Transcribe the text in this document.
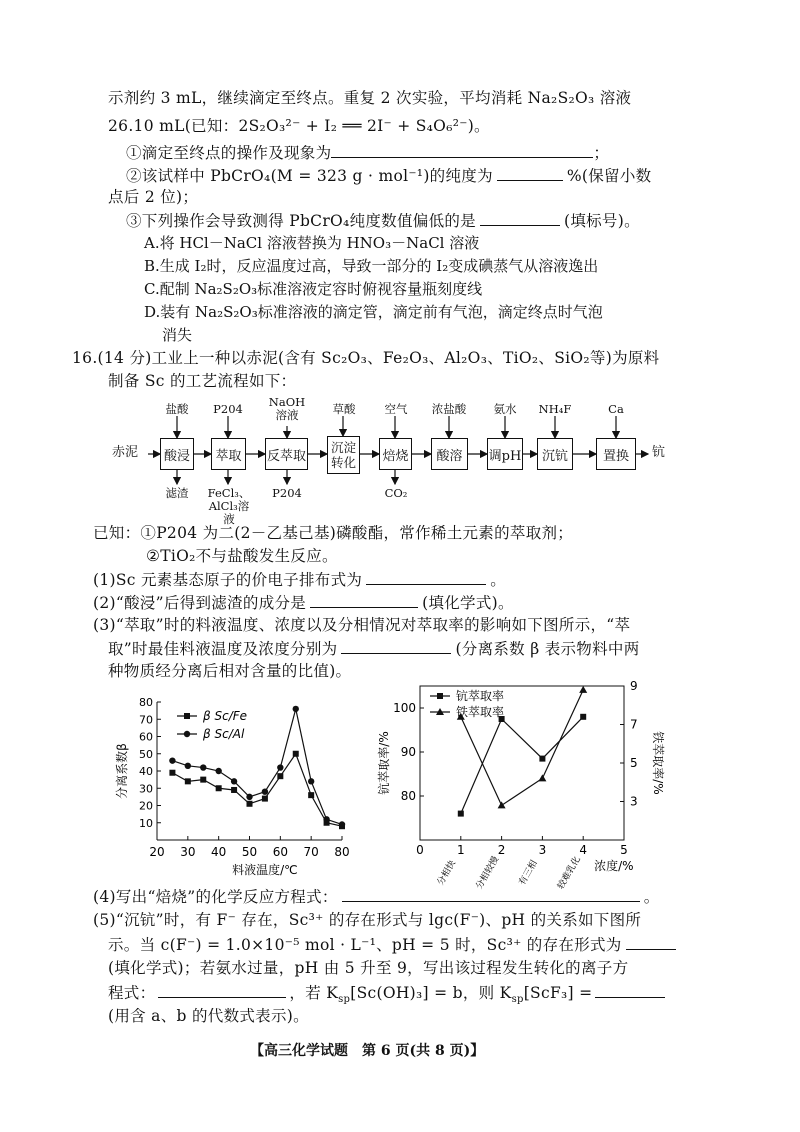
示剂约 3 mL，继续滴定至终点。重复 2 次实验，平均消耗 Na₂S₂O₃ 溶液
26.10 mL(已知：2S₂O₃²⁻ + I₂ ══ 2I⁻ + S₄O₆²⁻)。
①滴定至终点的操作及现象为	；
②该试样中 PbCrO₄(M = 323 g · mol⁻¹)的纯度为	%(保留小数
点后 2 位)；
③下列操作会导致测得 PbCrO₄纯度数值偏低的是	(填标号)。
A.将 HCl－NaCl 溶液替换为 HNO₃－NaCl 溶液
B.生成 I₂时，反应温度过高，导致一部分的 I₂变成碘蒸气从溶液逸出
C.配制 Na₂S₂O₃标准溶液定容时俯视容量瓶刻度线
D.装有 Na₂S₂O₃标准溶液的滴定管，滴定前有气泡，滴定终点时气泡
消失
16.(14 分)工业上一种以赤泥(含有 Sc₂O₃、Fe₂O₃、Al₂O₃、TiO₂、SiO₂等)为原料
制备 Sc 的工艺流程如下：
赤泥	钪
酸浸	萃取	反萃取
沉淀
转化	焙烧	酸溶	调pH	沉钪	置换
盐酸	P204 NaOH
溶液	草酸	空气	浓盐酸	氨水	NH₄F	Ca
滤渣	FeCl₃、
AlCl₃溶液
P204	CO₂
已知：①P204 为二(2－乙基己基)磷酸酯，常作稀土元素的萃取剂；
②TiO₂不与盐酸发生反应。
(1)Sc 元素基态原子的价电子排布式为	。
(2)“酸浸”后得到滤渣的成分是	(填化学式)。
(3)“萃取”时的料液温度、浓度以及分相情况对萃取率的影响如下图所示，“萃
取”时最佳料液温度及浓度分别为	(分离系数 β 表示物料中两
种物质经分离后相对含量的比值)。
10
20
30
40
50
60
70
80
20 30 40 50 60 70 80
料液温度/℃
分离系数β
β Sc/Fe
β Sc/Al
80
90
100
3
5
7
9
0	1	2	3	4	5
分相快 分相较慢 有三相 较难乳化 浓度/%
钪萃取率/%	铁萃取率/%
钪萃取率
铁萃取率
(4)写出“焙烧”的化学反应方程式：	。
(5)“沉钪”时，有 F⁻ 存在，Sc³⁺ 的存在形式与 lgc(F⁻)、pH 的关系如下图所
示。当 c(F⁻) = 1.0×10⁻⁵ mol · L⁻¹、pH = 5 时，Sc³⁺ 的存在形式为
(填化学式)；若氨水过量，pH 由 5 升至 9，写出该过程发生转化的离子方
程式：	，若 $K_{sp}[Sc(OH)_3] = b$，则 $K_{sp}[ScF_3]$ =
(用含 a、b 的代数式表示)。
【高三化学试题　第 6 页(共 8 页)】
